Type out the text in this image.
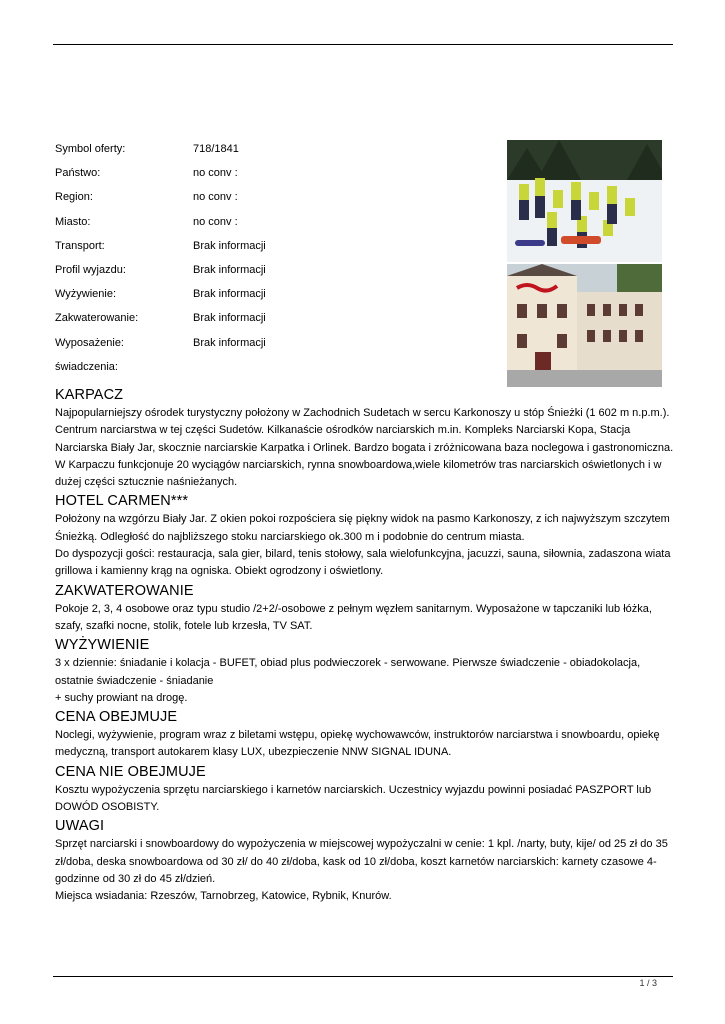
Symbol oferty:	718/1841
Państwo:	no conv :
Region:	no conv :
Miasto:	no conv :
Transport:	Brak informacji
Profil wyjazdu:	Brak informacji
Wyżywienie:	Brak informacji
Zakwaterowanie:	Brak informacji
Wyposażenie:	Brak informacji
świadczenia:
KARPACZ

Najpopularniejszy ośrodek turystyczny położony w Zachodnich Sudetach w sercu Karkonoszy u stóp Śnieżki (1 602 m n.p.m.). Centrum narciarstwa w tej części Sudetów. Kilkanaście ośrodków narciarskich m.in. Kompleks Narciarski Kopa, Stacja Narciarska Biały Jar, skocznie narciarskie Karpatka i Orlinek. Bardzo bogata i zróżnicowana baza noclegowa i gastronomiczna. W Karpaczu funkcjonuje 20 wyciągów narciarskich, rynna snowboardowa,wiele kilometrów tras narciarskich oświetlonych i w dużej części sztucznie naśnieżanych.

HOTEL CARMEN***

Położony na wzgórzu Biały Jar. Z okien pokoi rozpościera się piękny widok na pasmo Karkonoszy, z ich najwyższym szczytem Śnieżką. Odległość do najbliższego stoku narciarskiego ok.300 m i podobnie do centrum miasta.

Do dyspozycji gości: restauracja, sala gier, bilard, tenis stołowy, sala wielofunkcyjna, jacuzzi, sauna, siłownia, zadaszona wiata grillowa i kamienny krąg na ogniska. Obiekt ogrodzony i oświetlony.

ZAKWATEROWANIE

Pokoje 2, 3, 4 osobowe oraz typu studio /2+2/-osobowe z pełnym węzłem sanitarnym. Wyposażone w tapczaniki lub łóżka, szafy, szafki nocne, stolik, fotele lub krzesła, TV SAT.

WYŻYWIENIE

3 x dziennie: śniadanie i kolacja - BUFET, obiad plus podwieczorek - serwowane. Pierwsze świadczenie - obiadokolacja, ostatnie świadczenie - śniadanie

+ suchy prowiant na drogę.

CENA OBEJMUJE

Noclegi, wyżywienie, program wraz z biletami wstępu, opiekę wychowawców, instruktorów narciarstwa i snowboardu, opiekę medyczną, transport autokarem klasy LUX, ubezpieczenie NNW SIGNAL IDUNA.

CENA NIE OBEJMUJE

Kosztu wypożyczenia sprzętu narciarskiego i karnetów narciarskich. Uczestnicy wyjazdu powinni posiadać PASZPORT lub DOWÓD OSOBISTY.

UWAGI

Sprzęt narciarski i snowboardowy do wypożyczenia w miejscowej wypożyczalni w cenie: 1 kpl. /narty, buty, kije/ od 25 zł do 35 zł/doba, deska snowboardowa od 30 zł/ do 40 zł/doba, kask od 10 zł/doba, koszt karnetów narciarskich: karnety czasowe 4-godzinne od 30 zł do 45 zł/dzień.

Miejsca wsiadania: Rzeszów, Tarnobrzeg, Katowice, Rybnik, Knurów.

1 / 3
